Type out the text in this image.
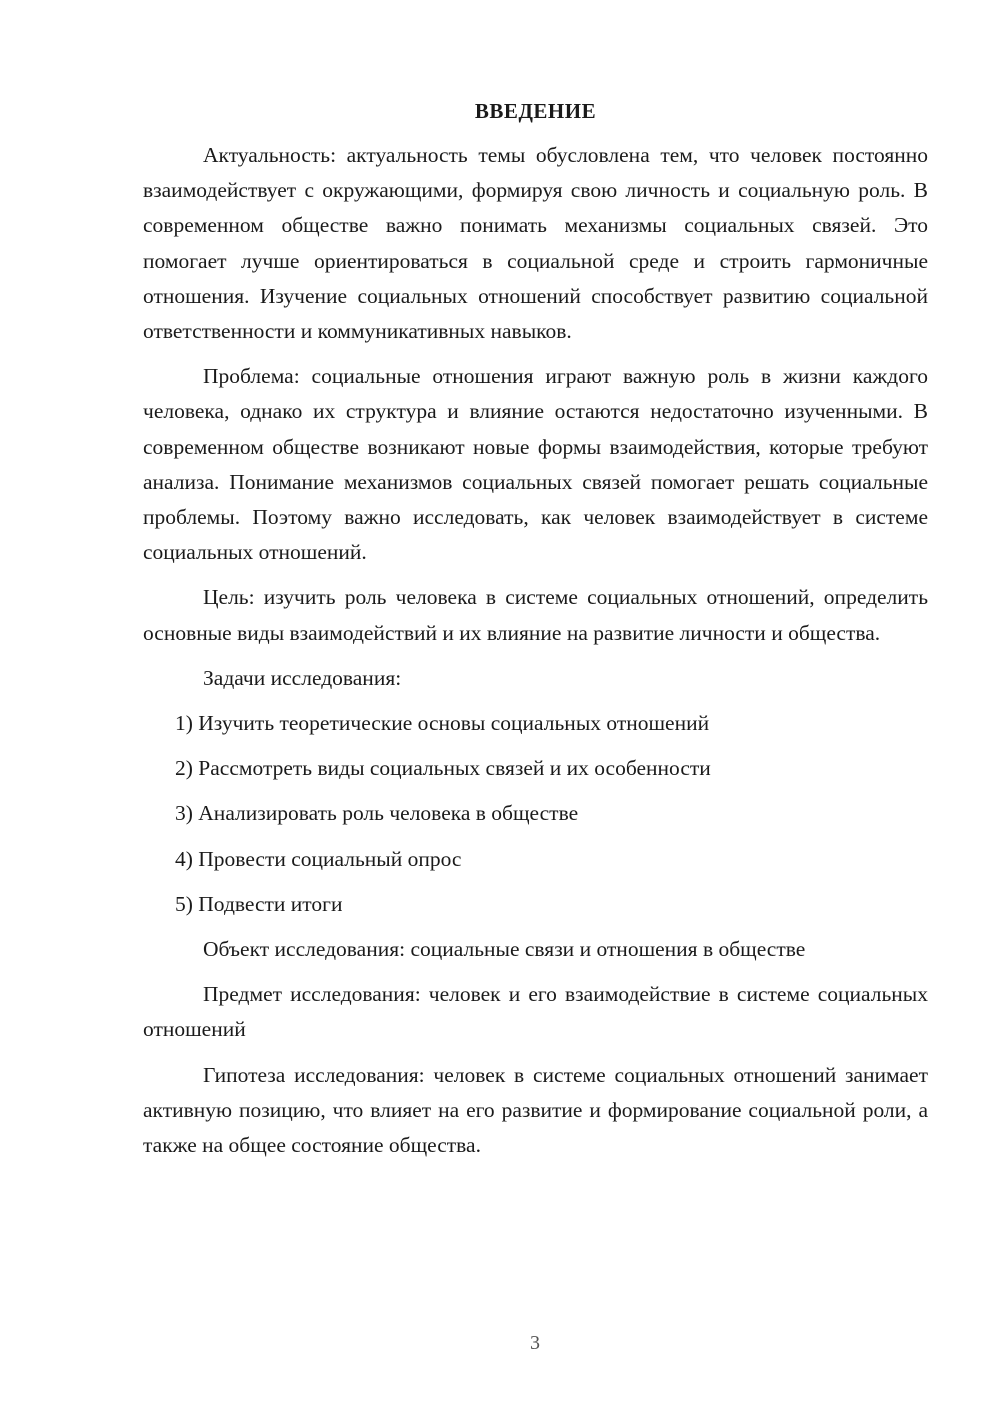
ВВЕДЕНИЕ

Актуальность: актуальность темы обусловлена тем, что человек постоянно взаимодействует с окружающими, формируя свою личность и социальную роль. В современном обществе важно понимать механизмы социальных связей. Это помогает лучше ориентироваться в социальной среде и строить гармоничные отношения. Изучение социальных отношений способствует развитию социальной ответственности и коммуникативных навыков.

Проблема: социальные отношения играют важную роль в жизни каждого человека, однако их структура и влияние остаются недостаточно изученными. В современном обществе возникают новые формы взаимодействия, которые требуют анализа. Понимание механизмов социальных связей помогает решать социальные проблемы. Поэтому важно исследовать, как человек взаимодействует в системе социальных отношений.

Цель: изучить роль человека в системе социальных отношений, определить основные виды взаимодействий и их влияние на развитие личности и общества.

Задачи исследования:

1) Изучить теоретические основы социальных отношений
2) Рассмотреть виды социальных связей и их особенности
3) Анализировать роль человека в обществе
4) Провести социальный опрос
5) Подвести итоги

Объект исследования: социальные связи и отношения в обществе

Предмет исследования: человек и его взаимодействие в системе социальных отношений

Гипотеза исследования: человек в системе социальных отношений занимает активную позицию, что влияет на его развитие и формирование социальной роли, а также на общее состояние общества.

3
